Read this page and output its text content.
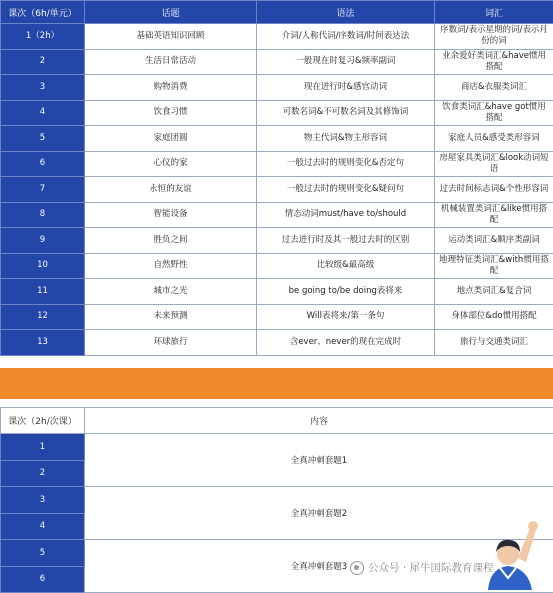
课次（6h/单元）	话题	语法	词汇
1（2h）	基础英语知识回顾	介词/人称代词/序数词/时间表达法	序数词/表示星期的词/表示月份的词
2	生活日常活动	一般现在时复习&频率副词	业余爱好类词汇&have惯用搭配
3	购物消费	现在进行时&感官动词	商店&衣服类词汇
4	饮食习惯	可数名词&不可数名词及其修饰词	饮食类词汇&have got惯用搭配
5	家庭团圆	物主代词&物主形容词	家庭人员&感受类形容词
6	心仪的家	一般过去时的规则变化&否定句	房屋家具类词汇&look动词短语
7	永恒的友谊	一般过去时的规则变化&疑问句	过去时间标志词&个性形容词
8	智能设备	情态动词must/have to/should	机械装置类词汇&like惯用搭配
9	胜负之间	过去进行时及其一般过去时的区别	运动类词汇&顺序类副词
10	自然野性	比较级&最高级	地理特征类词汇&with惯用搭配
11	城市之光	be going to/be doing表将来	地点类词汇&复合词
12	未来预测	Will表将来/第一条句	身体部位&do惯用搭配
13	环球旅行	含ever、never的现在完成时	旅行与交通类词汇
课次（2h/次课）	内容
1	全真冲刺套题1
2	
3	全真冲刺套题2
4	
5	全真冲刺套题3
6	
公众号 · 犀牛国际教育课程
